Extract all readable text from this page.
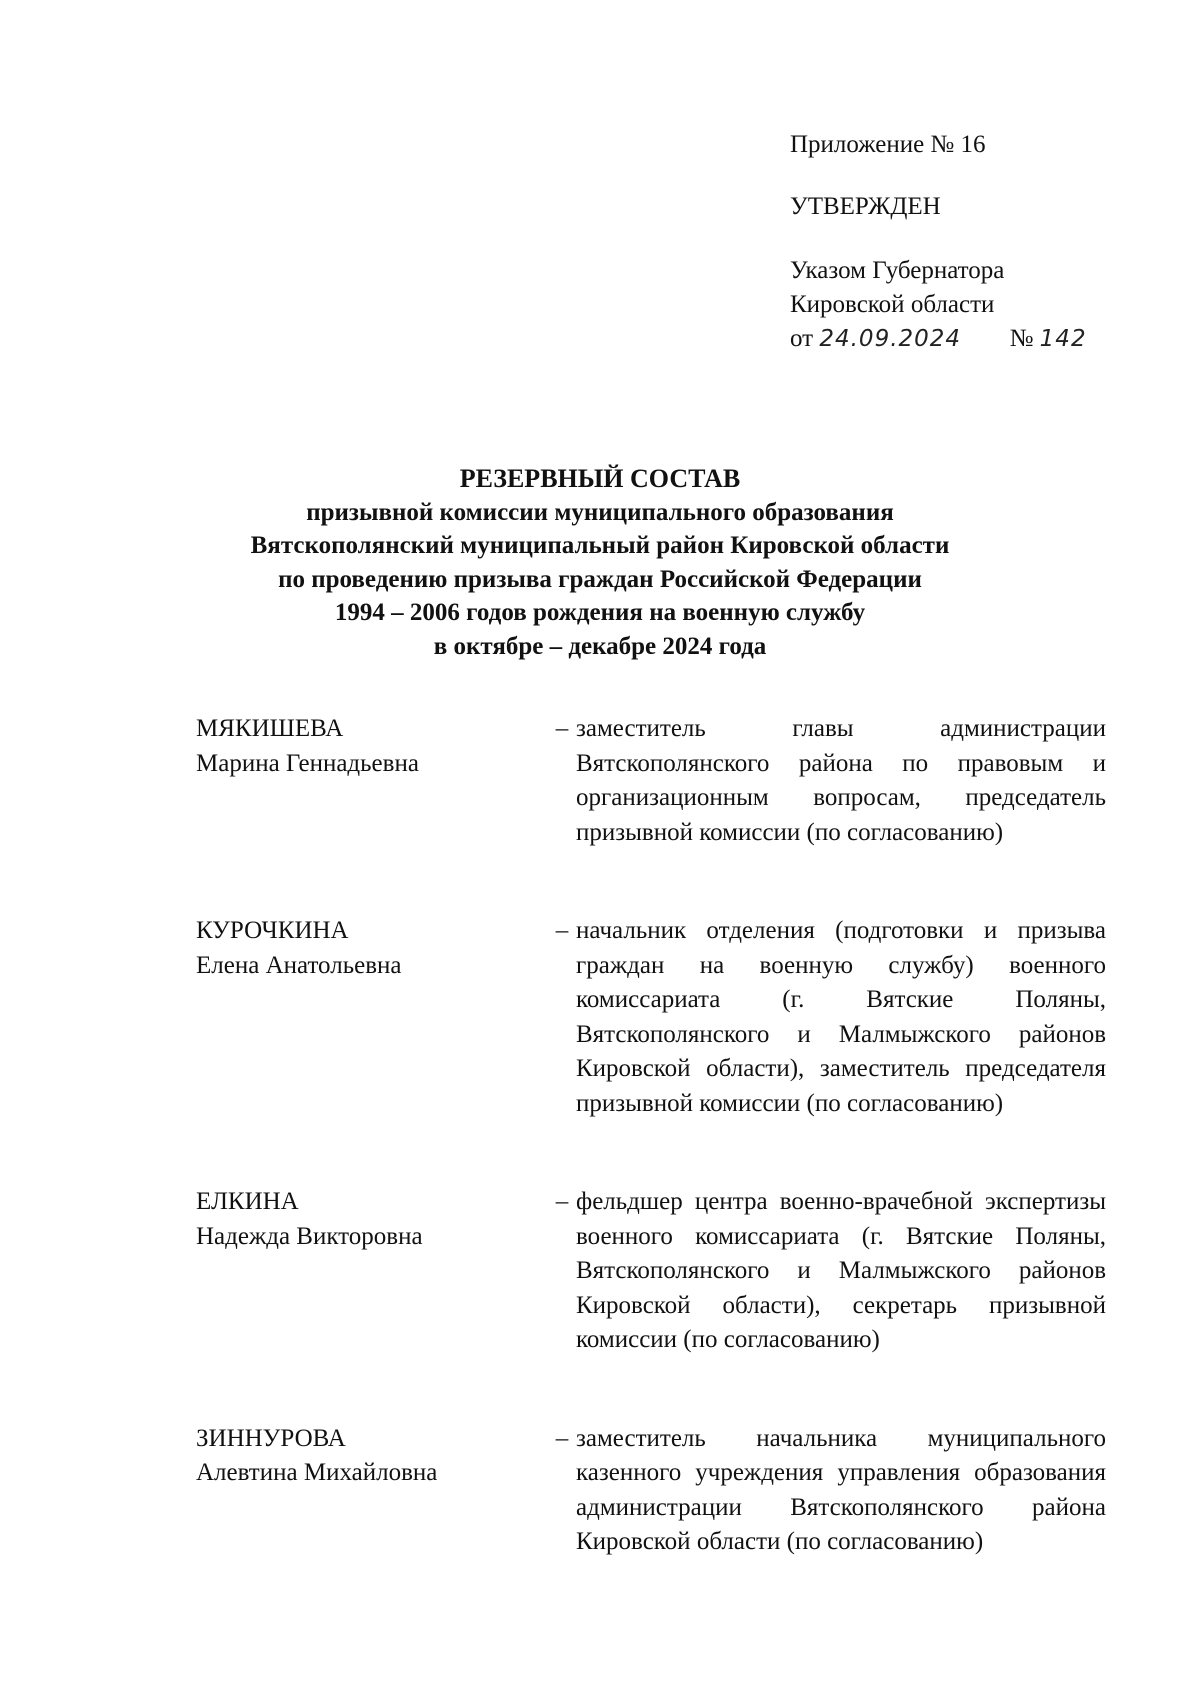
Приложение № 16
УТВЕРЖДЕН
Указом Губернатора
Кировской области
от 24.09.2024 № 142
РЕЗЕРВНЫЙ СОСТАВ
призывной комиссии муниципального образования
Вятскополянский муниципальный район Кировской области
по проведению призыва граждан Российской Федерации
1994 – 2006 годов рождения на военную службу
в октябре – декабре 2024 года
МЯКИШЕВА
Марина Геннадьевна
– заместитель главы администрации Вятскополянского района по правовым и организационным вопросам, председатель призывной комиссии (по согласованию)
КУРОЧКИНА
Елена Анатольевна
– начальник отделения (подготовки и призыва граждан на военную службу) военного комиссариата (г. Вятские Поляны, Вятскополянского и Малмыжского районов Кировской области), заместитель председателя призывной комиссии (по согласованию)
ЕЛКИНА
Надежда Викторовна
– фельдшер центра военно-врачебной экспертизы военного комиссариата (г. Вятские Поляны, Вятскополянского и Малмыжского районов Кировской области), секретарь призывной комиссии (по согласованию)
ЗИННУРОВА
Алевтина Михайловна
– заместитель начальника муниципального казенного учреждения управления образования администрации Вятскополянского района Кировской области (по согласованию)
